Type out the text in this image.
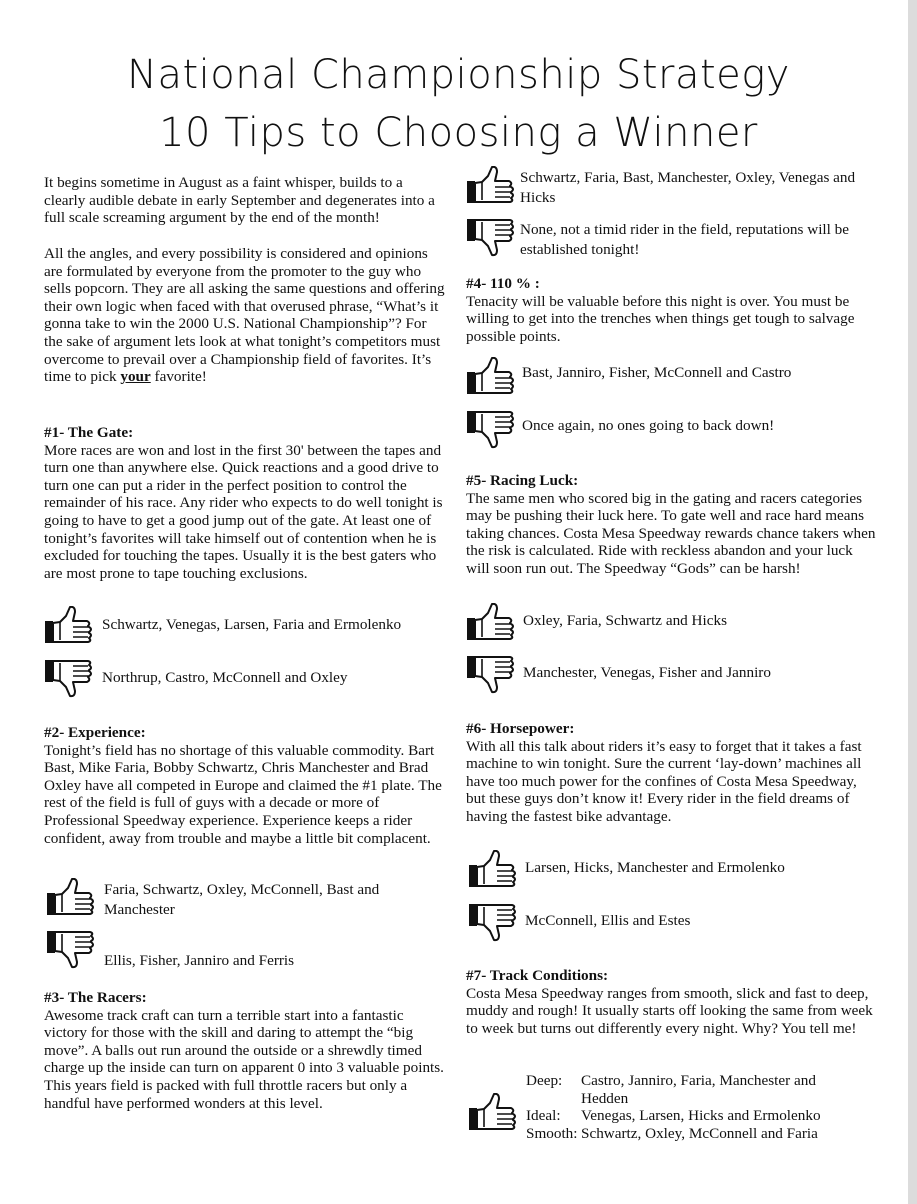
National Championship Strategy
10 Tips to Choosing a Winner

It begins sometime in August as a faint whisper, builds to a clearly audible debate in early September and degenerates into a full scale screaming argument by the end of the month!

All the angles, and every possibility is considered and opinions are formulated by everyone from the promoter to the guy who sells popcorn. They are all asking the same questions and offering their own logic when faced with that overused phrase, “What’s it gonna take to win the 2000 U.S. National Championship”? For the sake of argument lets look at what tonight’s competitors must overcome to prevail over a Championship field of favorites. It’s time to pick your favorite!

#1- The Gate:

More races are won and lost in the first 30' between the tapes and turn one than anywhere else. Quick reactions and a good drive to turn one can put a rider in the perfect position to control the remainder of his race. Any rider who expects to do well tonight is going to have to get a good jump out of the gate. At least one of tonight’s favorites will take himself out of contention when he is excluded for touching the tapes. Usually it is the best gaters who are most prone to tape touching exclusions.

Schwartz, Venegas, Larsen, Faria and Ermolenko
Northrup, Castro, McConnell and Oxley

#2- Experience:

Tonight’s field has no shortage of this valuable commodity. Bart Bast, Mike Faria, Bobby Schwartz, Chris Manchester and Brad Oxley have all competed in Europe and claimed the #1 plate. The rest of the field is full of guys with a decade or more of Professional Speedway experience. Experience keeps a rider confident, away from trouble and maybe a little bit complacent.

Faria, Schwartz, Oxley, McConnell, Bast and Manchester
Ellis, Fisher, Janniro and Ferris

#3- The Racers:

Awesome track craft can turn a terrible start into a fantastic victory for those with the skill and daring to attempt the “big move”. A balls out run around the outside or a shrewdly timed charge up the inside can turn on apparent 0 into 3 valuable points. This years field is packed with full throttle racers but only a handful have performed wonders at this level.

Schwartz, Faria, Bast, Manchester, Oxley, Venegas and Hicks
None, not a timid rider in the field, reputations will be established tonight!

#4- 110 % :

Tenacity will be valuable before this night is over. You must be willing to get into the trenches when things get tough to salvage possible points.

Bast, Janniro, Fisher, McConnell and Castro
Once again, no ones going to back down!

#5- Racing Luck:

The same men who scored big in the gating and racers categories may be pushing their luck here. To gate well and race hard means taking chances. Costa Mesa Speedway rewards chance takers when the risk is calculated. Ride with reckless abandon and your luck will soon run out. The Speedway “Gods” can be harsh!

Oxley, Faria, Schwartz and Hicks
Manchester, Venegas, Fisher and Janniro

#6- Horsepower:

With all this talk about riders it’s easy to forget that it takes a fast machine to win tonight. Sure the current ‘lay-down’ machines all have too much power for the confines of Costa Mesa Speedway, but these guys don’t know it! Every rider in the field dreams of having the fastest bike advantage.

Larsen, Hicks, Manchester and Ermolenko
McConnell, Ellis and Estes

#7- Track Conditions:

Costa Mesa Speedway ranges from smooth, slick and fast to deep, muddy and rough! It usually starts off looking the same from week to week but turns out differently every night. Why? You tell me!

Deep: Castro, Janniro, Faria, Manchester and Hedden
Ideal: Venegas, Larsen, Hicks and Ermolenko
Smooth: Schwartz, Oxley, McConnell and Faria
